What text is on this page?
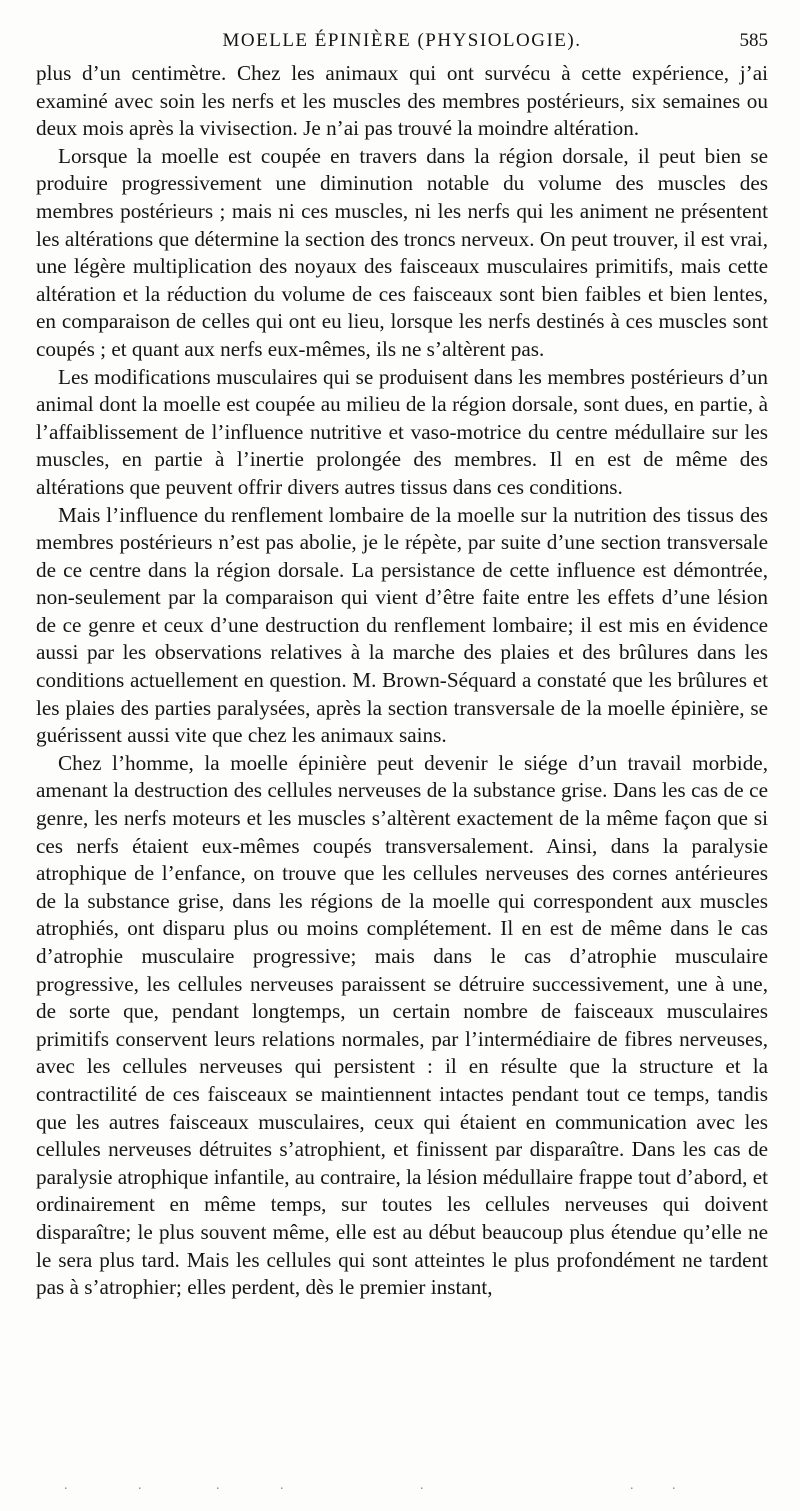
MOELLE ÉPINIÈRE (PHYSIOLOGIE).	585

plus d’un centimètre. Chez les animaux qui ont survécu à cette expérience, j’ai examiné avec soin les nerfs et les muscles des membres postérieurs, six semaines ou deux mois après la vivisection. Je n’ai pas trouvé la moindre altération.

Lorsque la moelle est coupée en travers dans la région dorsale, il peut bien se produire progressivement une diminution notable du volume des muscles des membres postérieurs ; mais ni ces muscles, ni les nerfs qui les animent ne présentent les altérations que détermine la section des troncs nerveux. On peut trouver, il est vrai, une légère multiplication des noyaux des faisceaux musculaires primitifs, mais cette altération et la réduction du volume de ces faisceaux sont bien faibles et bien lentes, en comparaison de celles qui ont eu lieu, lorsque les nerfs destinés à ces muscles sont coupés ; et quant aux nerfs eux-mêmes, ils ne s’altèrent pas.

Les modifications musculaires qui se produisent dans les membres postérieurs d’un animal dont la moelle est coupée au milieu de la région dorsale, sont dues, en partie, à l’affaiblissement de l’influence nutritive et vaso-motrice du centre médullaire sur les muscles, en partie à l’inertie prolongée des membres. Il en est de même des altérations que peuvent offrir divers autres tissus dans ces conditions.

Mais l’influence du renflement lombaire de la moelle sur la nutrition des tissus des membres postérieurs n’est pas abolie, je le répète, par suite d’une section transversale de ce centre dans la région dorsale. La persistance de cette influence est démontrée, non-seulement par la comparaison qui vient d’être faite entre les effets d’une lésion de ce genre et ceux d’une destruction du renflement lombaire; il est mis en évidence aussi par les observations relatives à la marche des plaies et des brûlures dans les conditions actuellement en question. M. Brown-Séquard a constaté que les brûlures et les plaies des parties paralysées, après la section transversale de la moelle épinière, se guérissent aussi vite que chez les animaux sains.

Chez l’homme, la moelle épinière peut devenir le siége d’un travail morbide, amenant la destruction des cellules nerveuses de la substance grise. Dans les cas de ce genre, les nerfs moteurs et les muscles s’altèrent exactement de la même façon que si ces nerfs étaient eux-mêmes coupés transversalement. Ainsi, dans la paralysie atrophique de l’enfance, on trouve que les cellules nerveuses des cornes antérieures de la substance grise, dans les régions de la moelle qui correspondent aux muscles atrophiés, ont disparu plus ou moins complétement. Il en est de même dans le cas d’atrophie musculaire progressive; mais dans le cas d’atrophie musculaire progressive, les cellules nerveuses paraissent se détruire successivement, une à une, de sorte que, pendant longtemps, un certain nombre de faisceaux musculaires primitifs conservent leurs relations normales, par l’intermédiaire de fibres nerveuses, avec les cellules nerveuses qui persistent : il en résulte que la structure et la contractilité de ces faisceaux se maintiennent intactes pendant tout ce temps, tandis que les autres faisceaux musculaires, ceux qui étaient en communication avec les cellules nerveuses détruites s’atrophient, et finissent par disparaître. Dans les cas de paralysie atrophique infantile, au contraire, la lésion médullaire frappe tout d’abord, et ordinairement en même temps, sur toutes les cellules nerveuses qui doivent disparaître; le plus souvent même, elle est au début beaucoup plus étendue qu’elle ne le sera plus tard. Mais les cellules qui sont atteintes le plus profondément ne tardent pas à s’atrophier; elles perdent, dès le premier instant,

.	.	.	.	.	.	.
